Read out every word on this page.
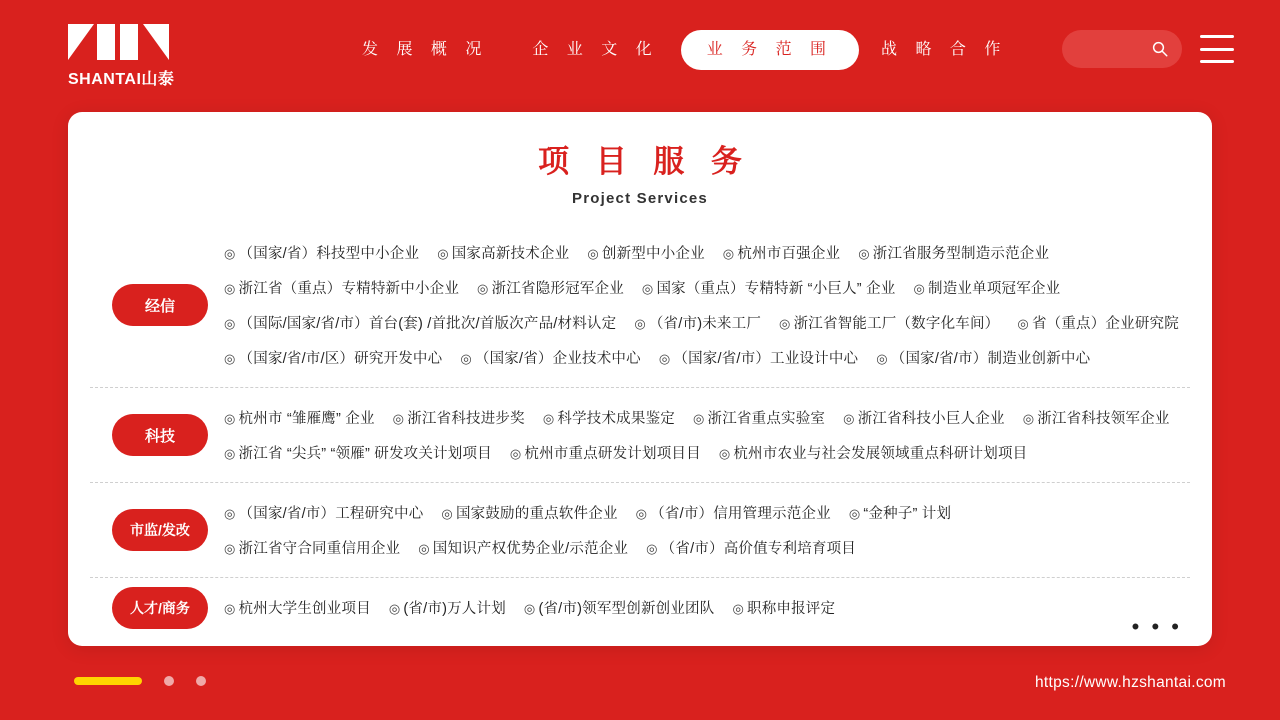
SHANTAI山泰
发 展 概 况	企 业 文 化	业 务 范 围	战 略 合 作
项 目 服 务
Project Services
经信
◎ （国家/省）科技型中小企业 ◎ 国家高新技术企业 ◎ 创新型中小企业 ◎ 杭州市百强企业 ◎ 浙江省服务型制造示范企业
◎ 浙江省（重点）专精特新中小企业 ◎ 浙江省隐形冠军企业 ◎ 国家（重点）专精特新 “小巨人” 企业 ◎ 制造业单项冠军企业
◎ （国际/国家/省/市）首台(套) /首批次/首版次产品/材料认定 ◎ （省/市)未来工厂 ◎ 浙江省智能工厂（数字化车间） ◎ 省（重点）企业研究院
◎ （国家/省/市/区）研究开发中心 ◎ （国家/省）企业技术中心 ◎ （国家/省/市）工业设计中心 ◎ （国家/省/市）制造业创新中心
科技
◎ 杭州市 “雏雁鹰” 企业 ◎ 浙江省科技进步奖 ◎ 科学技术成果鉴定 ◎ 浙江省重点实验室 ◎ 浙江省科技小巨人企业 ◎ 浙江省科技领军企业
◎ 浙江省 “尖兵” “领雁” 研发攻关计划项目 ◎ 杭州市重点研发计划项目目 ◎ 杭州市农业与社会发展领域重点科研计划项目
市监/发改
◎ （国家/省/市）工程研究中心 ◎ 国家鼓励的重点软件企业 ◎ （省/市）信用管理示范企业 ◎ “金种子” 计划
◎ 浙江省守合同重信用企业 ◎ 国知识产权优势企业/示范企业 ◎ （省/市）高价值专利培育项目
人才/商务	◎ 杭州大学生创业项目 ◎ (省/市)万人计划 ◎ (省/市)领军型创新创业团队 ◎ 职称申报评定
• • •
https://www.hzshantai.com
